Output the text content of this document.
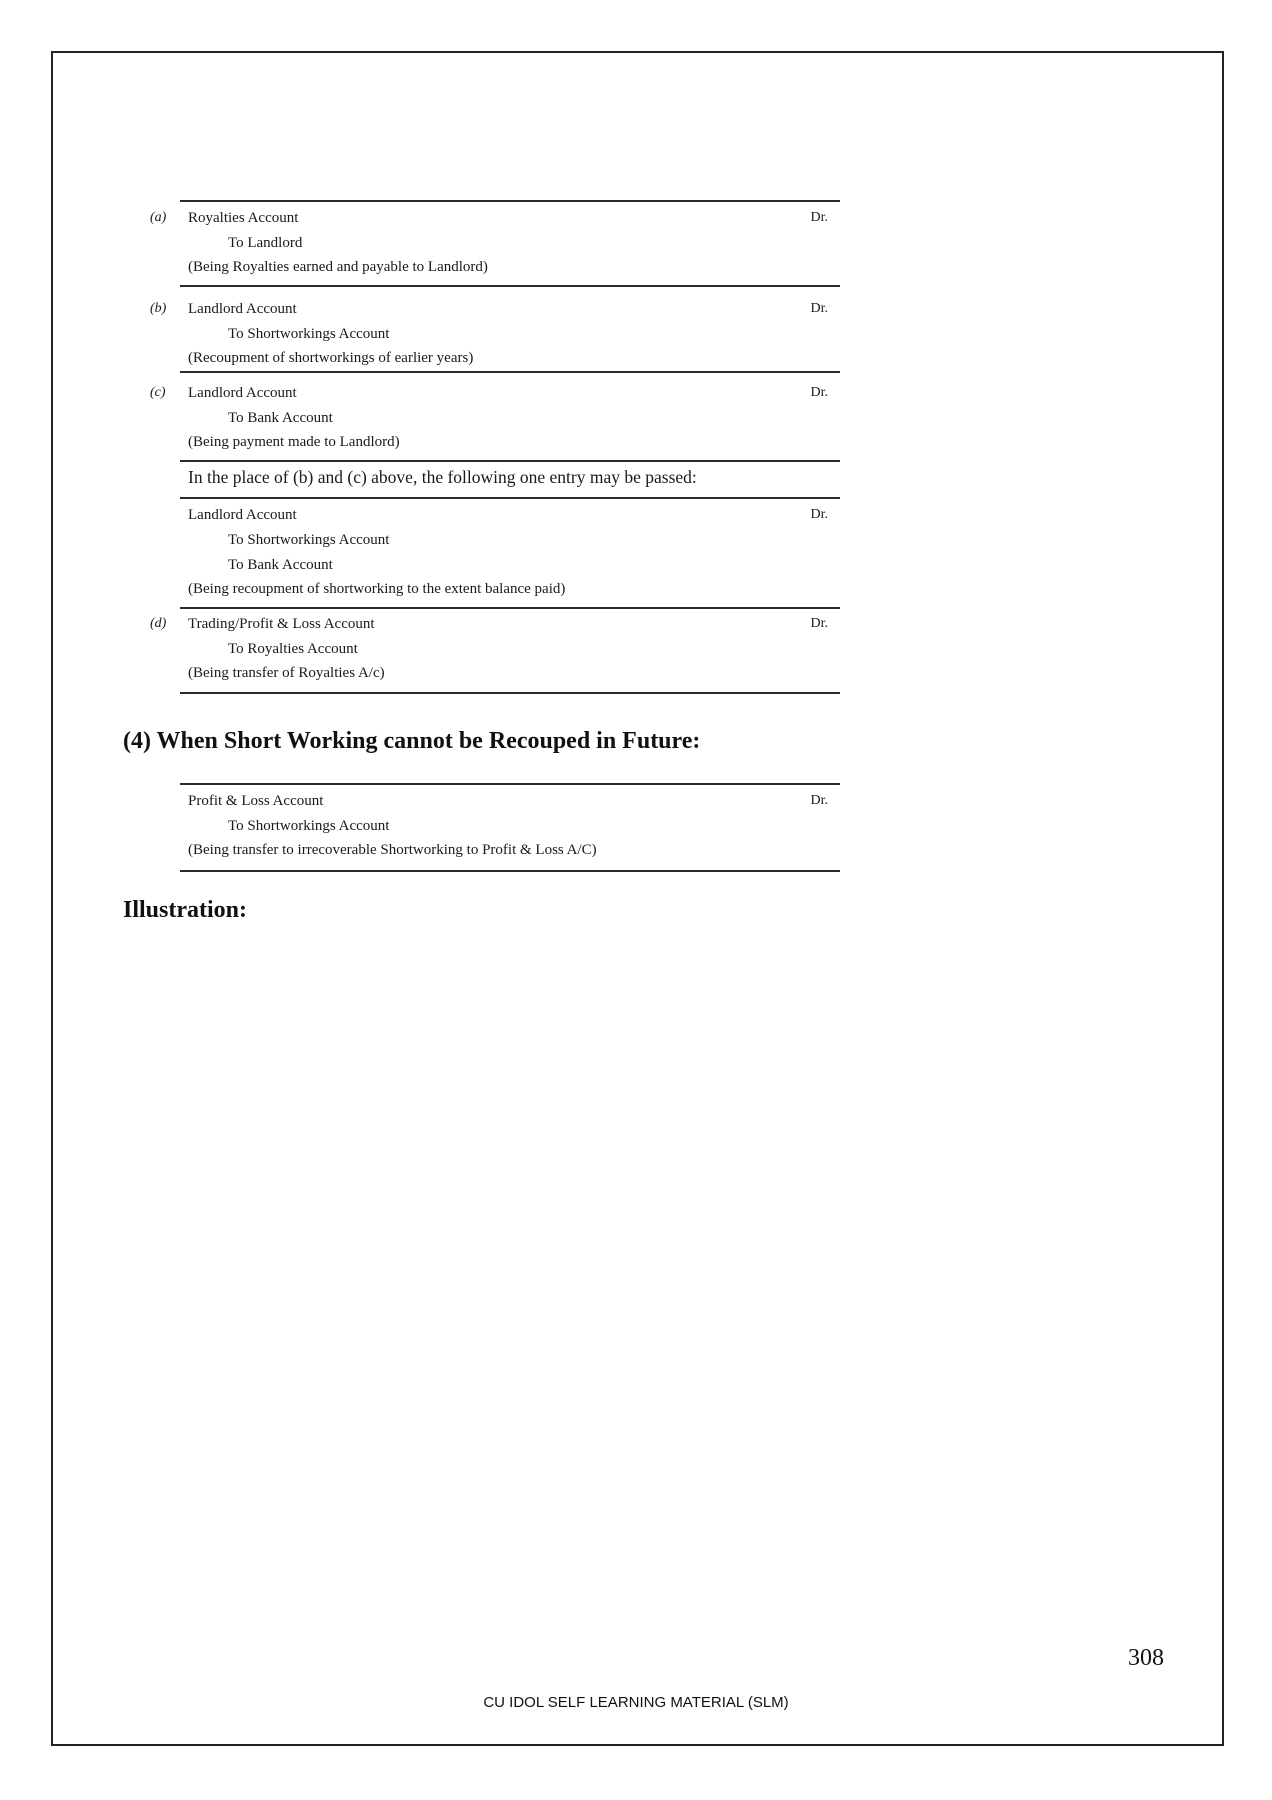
(a) Royalties Account	Dr.
To Landlord
(Being Royalties earned and payable to Landlord)
(b) Landlord Account	Dr.
To Shortworkings Account
(Recoupment of shortworkings of earlier years)
(c) Landlord Account	Dr.
To Bank Account
(Being payment made to Landlord)
In the place of (b) and (c) above, the following one entry may be passed:
Landlord Account	Dr.
To Shortworkings Account
To Bank Account
(Being recoupment of shortworking to the extent balance paid)
(d) Trading/Profit & Loss Account	Dr.
To Royalties Account
(Being transfer of Royalties A/c)
(4) When Short Working cannot be Recouped in Future:
Profit & Loss Account	Dr.
To Shortworkings Account
(Being transfer to irrecoverable Shortworking to Profit & Loss A/C)
Illustration:
308
CU IDOL SELF LEARNING MATERIAL (SLM)
